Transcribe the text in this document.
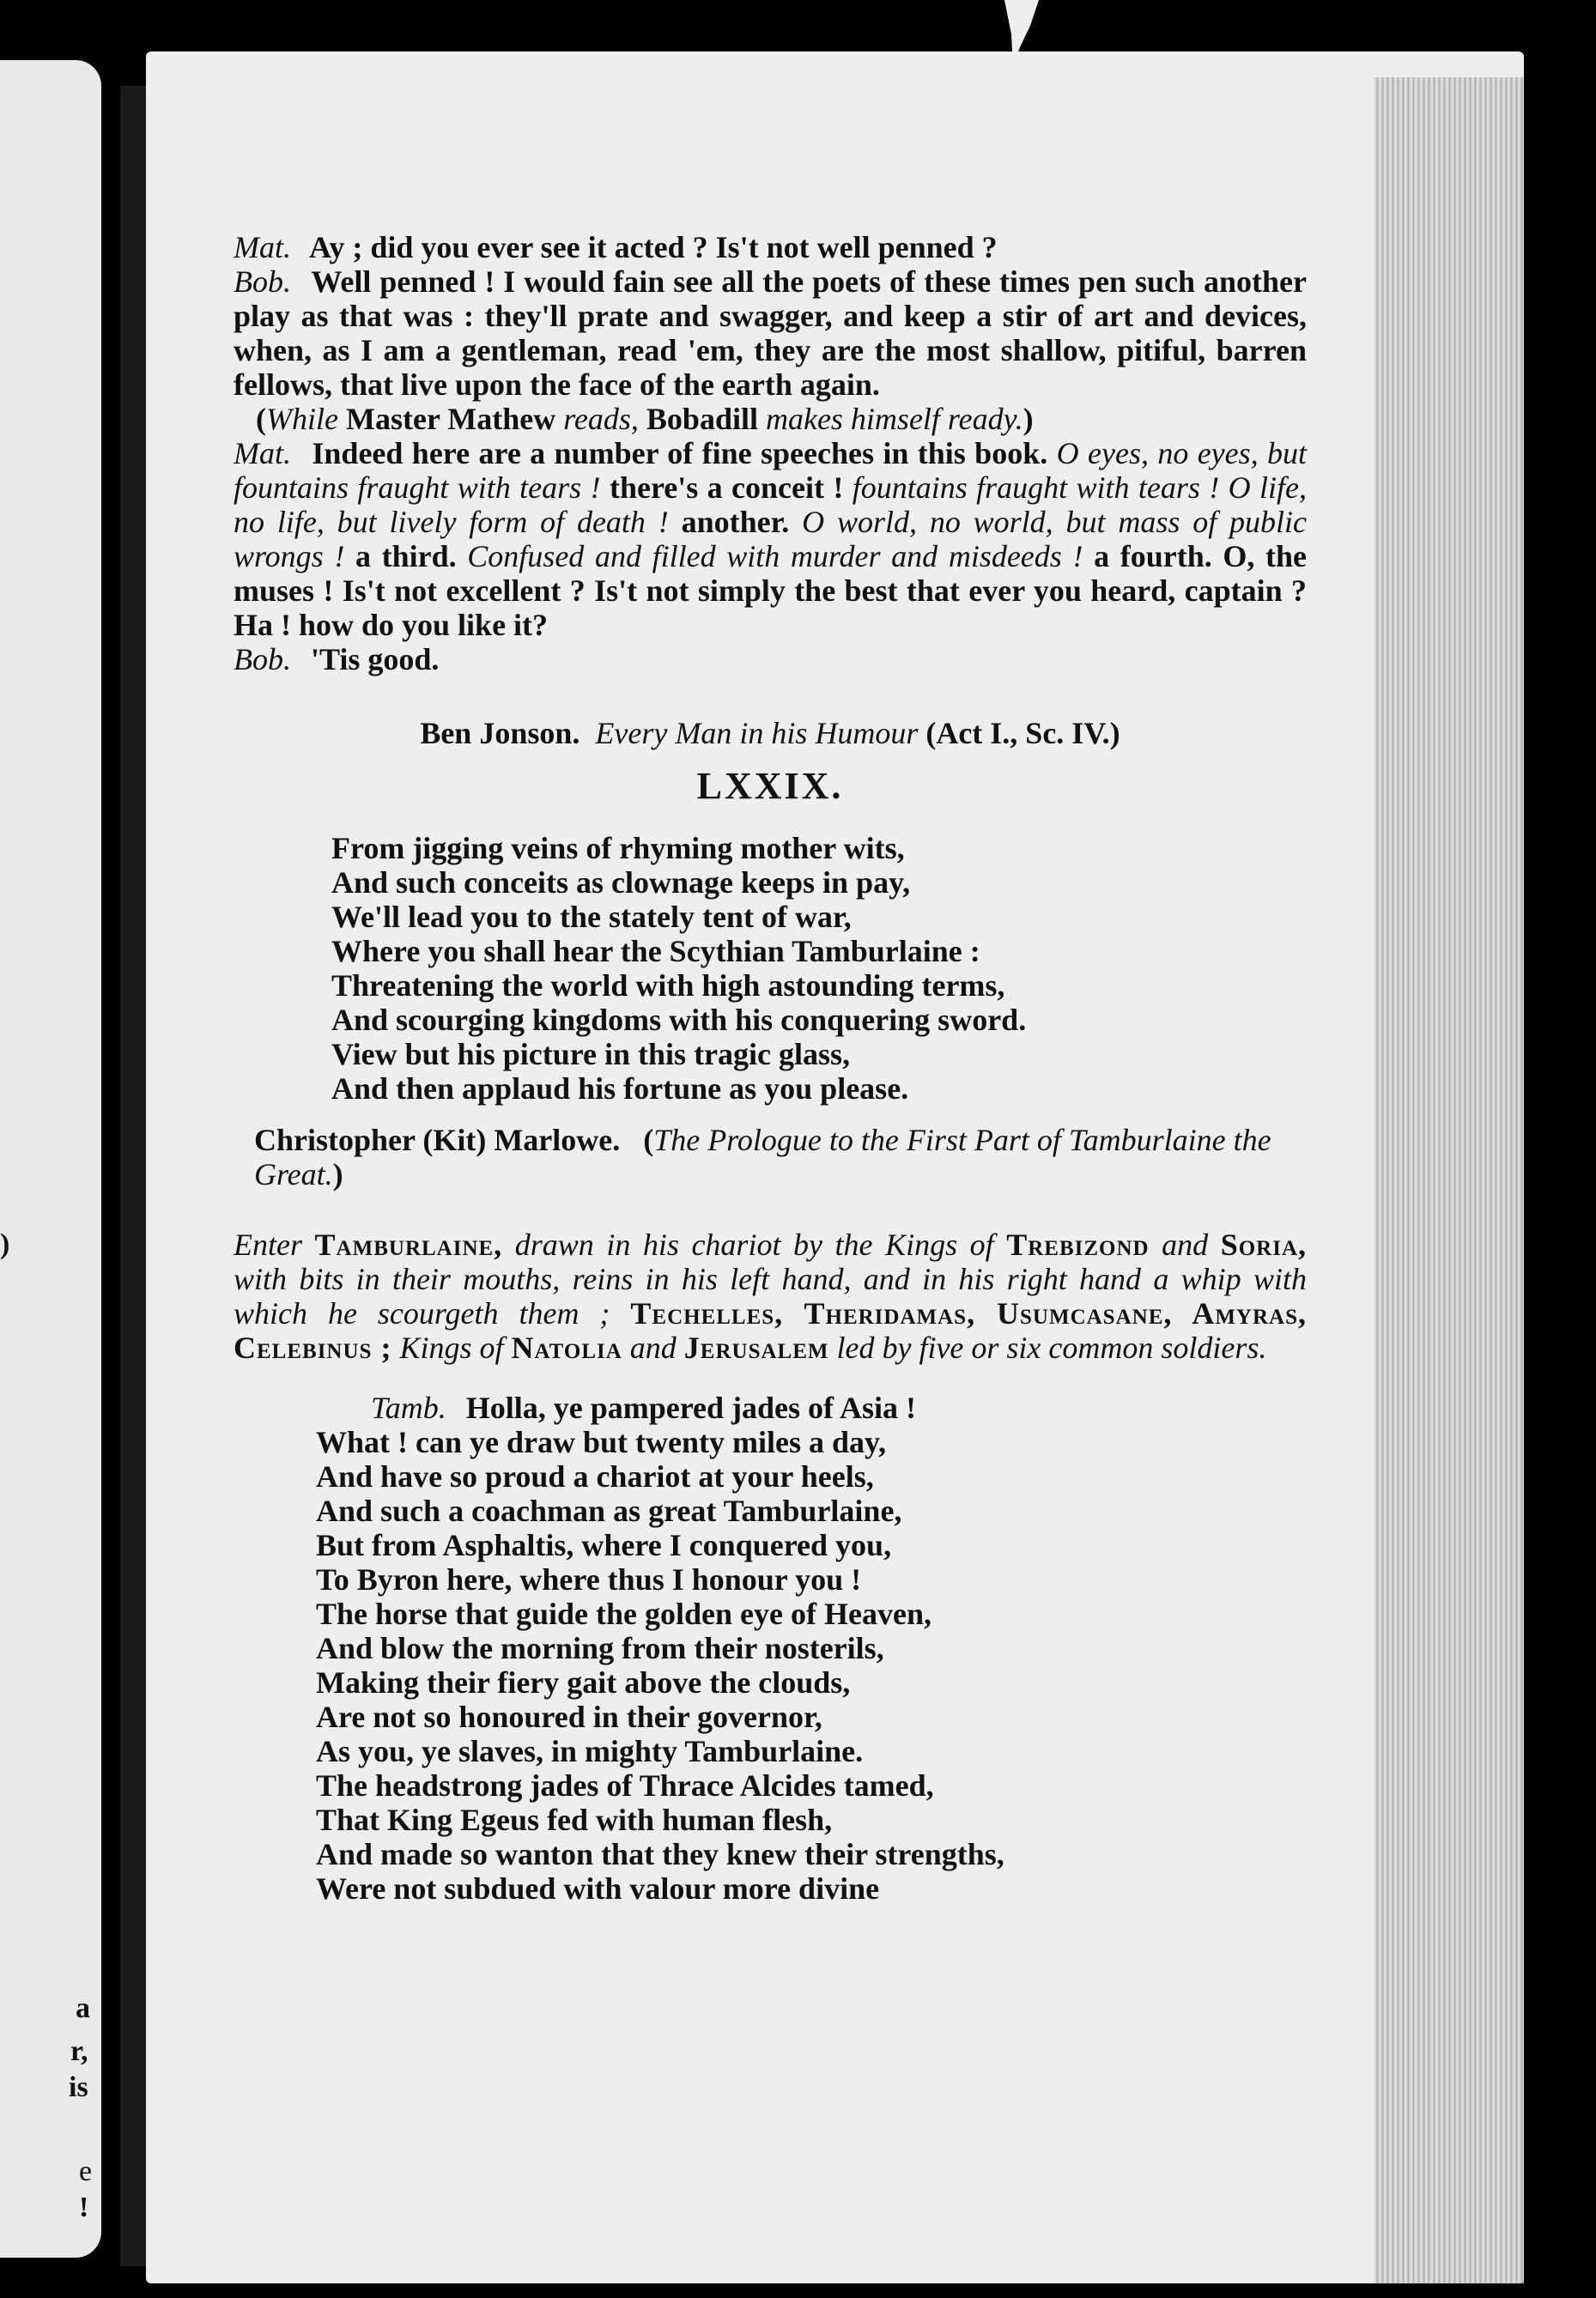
)
a
r,
is
e
!

Mat. Ay ; did you ever see it acted ? Is't not well penned ?

Bob. Well penned ! I would fain see all the poets of these times pen such another play as that was : they'll prate and swagger, and keep a stir of art and devices, when, as I am a gentleman, read 'em, they are the most shallow, pitiful, barren fellows, that live upon the face of the earth again.

(While Master Mathew reads, Bobadill makes himself ready.)

Mat. Indeed here are a number of fine speeches in this book. O eyes, no eyes, but fountains fraught with tears ! there's a conceit ! fountains fraught with tears ! O life, no life, but lively form of death ! another. O world, no world, but mass of public wrongs ! a third. Confused and filled with murder and misdeeds ! a fourth. O, the muses ! Is't not excellent ? Is't not simply the best that ever you heard, captain ? Ha ! how do you like it?

Bob. 'Tis good.

Ben Jonson. Every Man in his Humour (Act I., Sc. IV.)
LXXIX.
From jigging veins of rhyming mother wits,
And such conceits as clownage keeps in pay,
We'll lead you to the stately tent of war,
Where you shall hear the Scythian Tamburlaine :
Threatening the world with high astounding terms,
And scourging kingdoms with his conquering sword.
View but his picture in this tragic glass,
And then applaud his fortune as you please.
Christopher (Kit) Marlowe. (The Prologue to the First Part of Tamburlaine the Great.)
Enter Tamburlaine, drawn in his chariot by the Kings of Trebizond and Soria, with bits in their mouths, reins in his left hand, and in his right hand a whip with which he scourgeth them ; Techelles, Theridamas, Usumcasane, Amyras, Celebinus ; Kings of Natolia and Jerusalem led by five or six common soldiers.
Tamb. Holla, ye pampered jades of Asia !
What ! can ye draw but twenty miles a day,
And have so proud a chariot at your heels,
And such a coachman as great Tamburlaine,
But from Asphaltis, where I conquered you,
To Byron here, where thus I honour you !
The horse that guide the golden eye of Heaven,
And blow the morning from their nosterils,
Making their fiery gait above the clouds,
Are not so honoured in their governor,
As you, ye slaves, in mighty Tamburlaine.
The headstrong jades of Thrace Alcides tamed,
That King Egeus fed with human flesh,
And made so wanton that they knew their strengths,
Were not subdued with valour more divine
